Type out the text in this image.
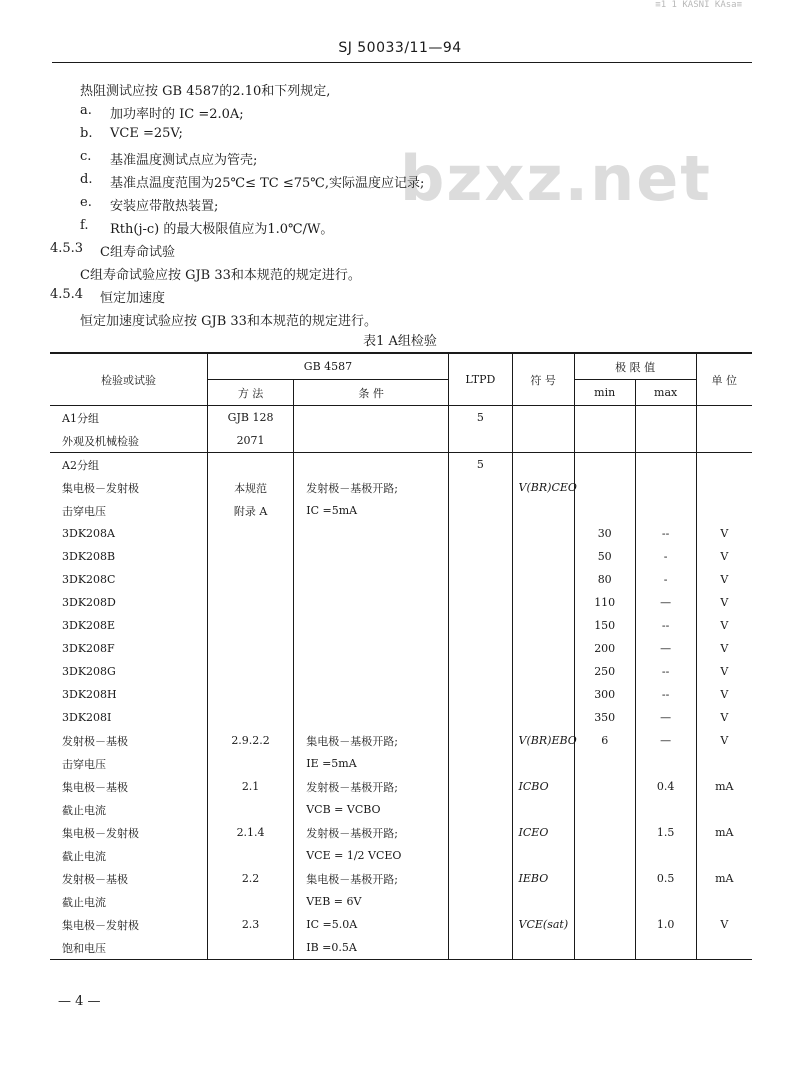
≡1 1 KASNI KAsa≡
SJ 50033/11—94
bzxz.net
热阻测试应按 GB 4587的2.10和下列规定,
a. 加功率时的 IC =2.0A;
b. VCE =25V;
c. 基准温度测试点应为管壳;
d. 基准点温度范围为25℃≤ TC ≤75℃,实际温度应记录;
e. 安装应带散热装置;
f. Rth(j-c) 的最大极限值应为1.0℃/W。
4.5.3 C组寿命试验
C组寿命试验应按 GJB 33和本规范的规定进行。
4.5.4 恒定加速度
恒定加速度试验应按 GJB 33和本规范的规定进行。
表1 A组检验
检验或试验	GB 4587		LTPD	符 号	极 限 值		单 位
	方 法	条 件			min	max	
A1分组	GJB 128		5				
外观及机械检验	2071						
A2分组			5				
集电极－发射极	本规范	发射极－基极开路;		V(BR)CEO			
击穿电压	附录 A	IC =5mA					
3DK208A					30	--	V
3DK208B					50	-	V
3DK208C					80	-	V
3DK208D					110	—	V
3DK208E					150	--	V
3DK208F					200	—	V
3DK208G					250	--	V
3DK208H					300	--	V
3DK208I					350	—	V
发射极－基极	2.9.2.2	集电极－基极开路;		V(BR)EBO	6	—	V
击穿电压		IE =5mA					
集电极－基极	2.1	发射极－基极开路;		ICBO		0.4	mA
截止电流		VCB = VCBO					
集电极－发射极	2.1.4	发射极－基极开路;		ICEO		1.5	mA
截止电流		VCE = 1/2 VCEO					
发射极－基极	2.2	集电极－基极开路;		IEBO		0.5	mA
截止电流		VEB = 6V					
集电极－发射极	2.3	IC =5.0A		VCE(sat)		1.0	V
饱和电压		IB =0.5A					
— 4 —
